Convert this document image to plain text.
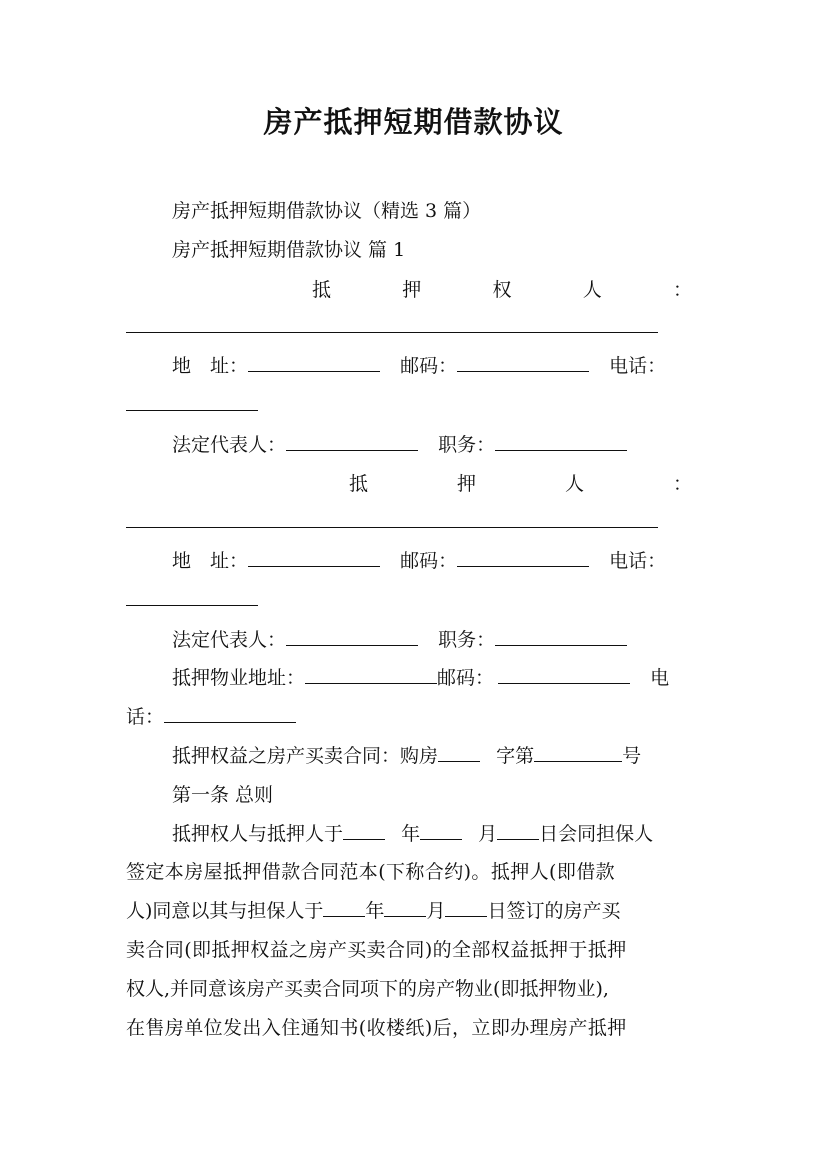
房产抵押短期借款协议
房产抵押短期借款协议（精选 3 篇）
房产抵押短期借款协议 篇 1
抵	押	权	人	：
地　址：	邮码：	电话：
法定代表人：	职务：
抵	押	人	：
地　址：	邮码：	电话：
法定代表人：	职务：
抵押物业地址：	邮码：	电
话：
抵押权益之房产买卖合同：购房	字第	号
第一条 总则
抵押权人与抵押人于	年	月 日会同担保人
签定本房屋抵押借款合同范本(下称合约)。抵押人(即借款
人)同意以其与担保人于 年 月 日签订的房产买
卖合同(即抵押权益之房产买卖合同)的全部权益抵押于抵押
权人,并同意该房产买卖合同项下的房产物业(即抵押物业),
在售房单位发出入住通知书(收楼纸)后，立即办理房产抵押
